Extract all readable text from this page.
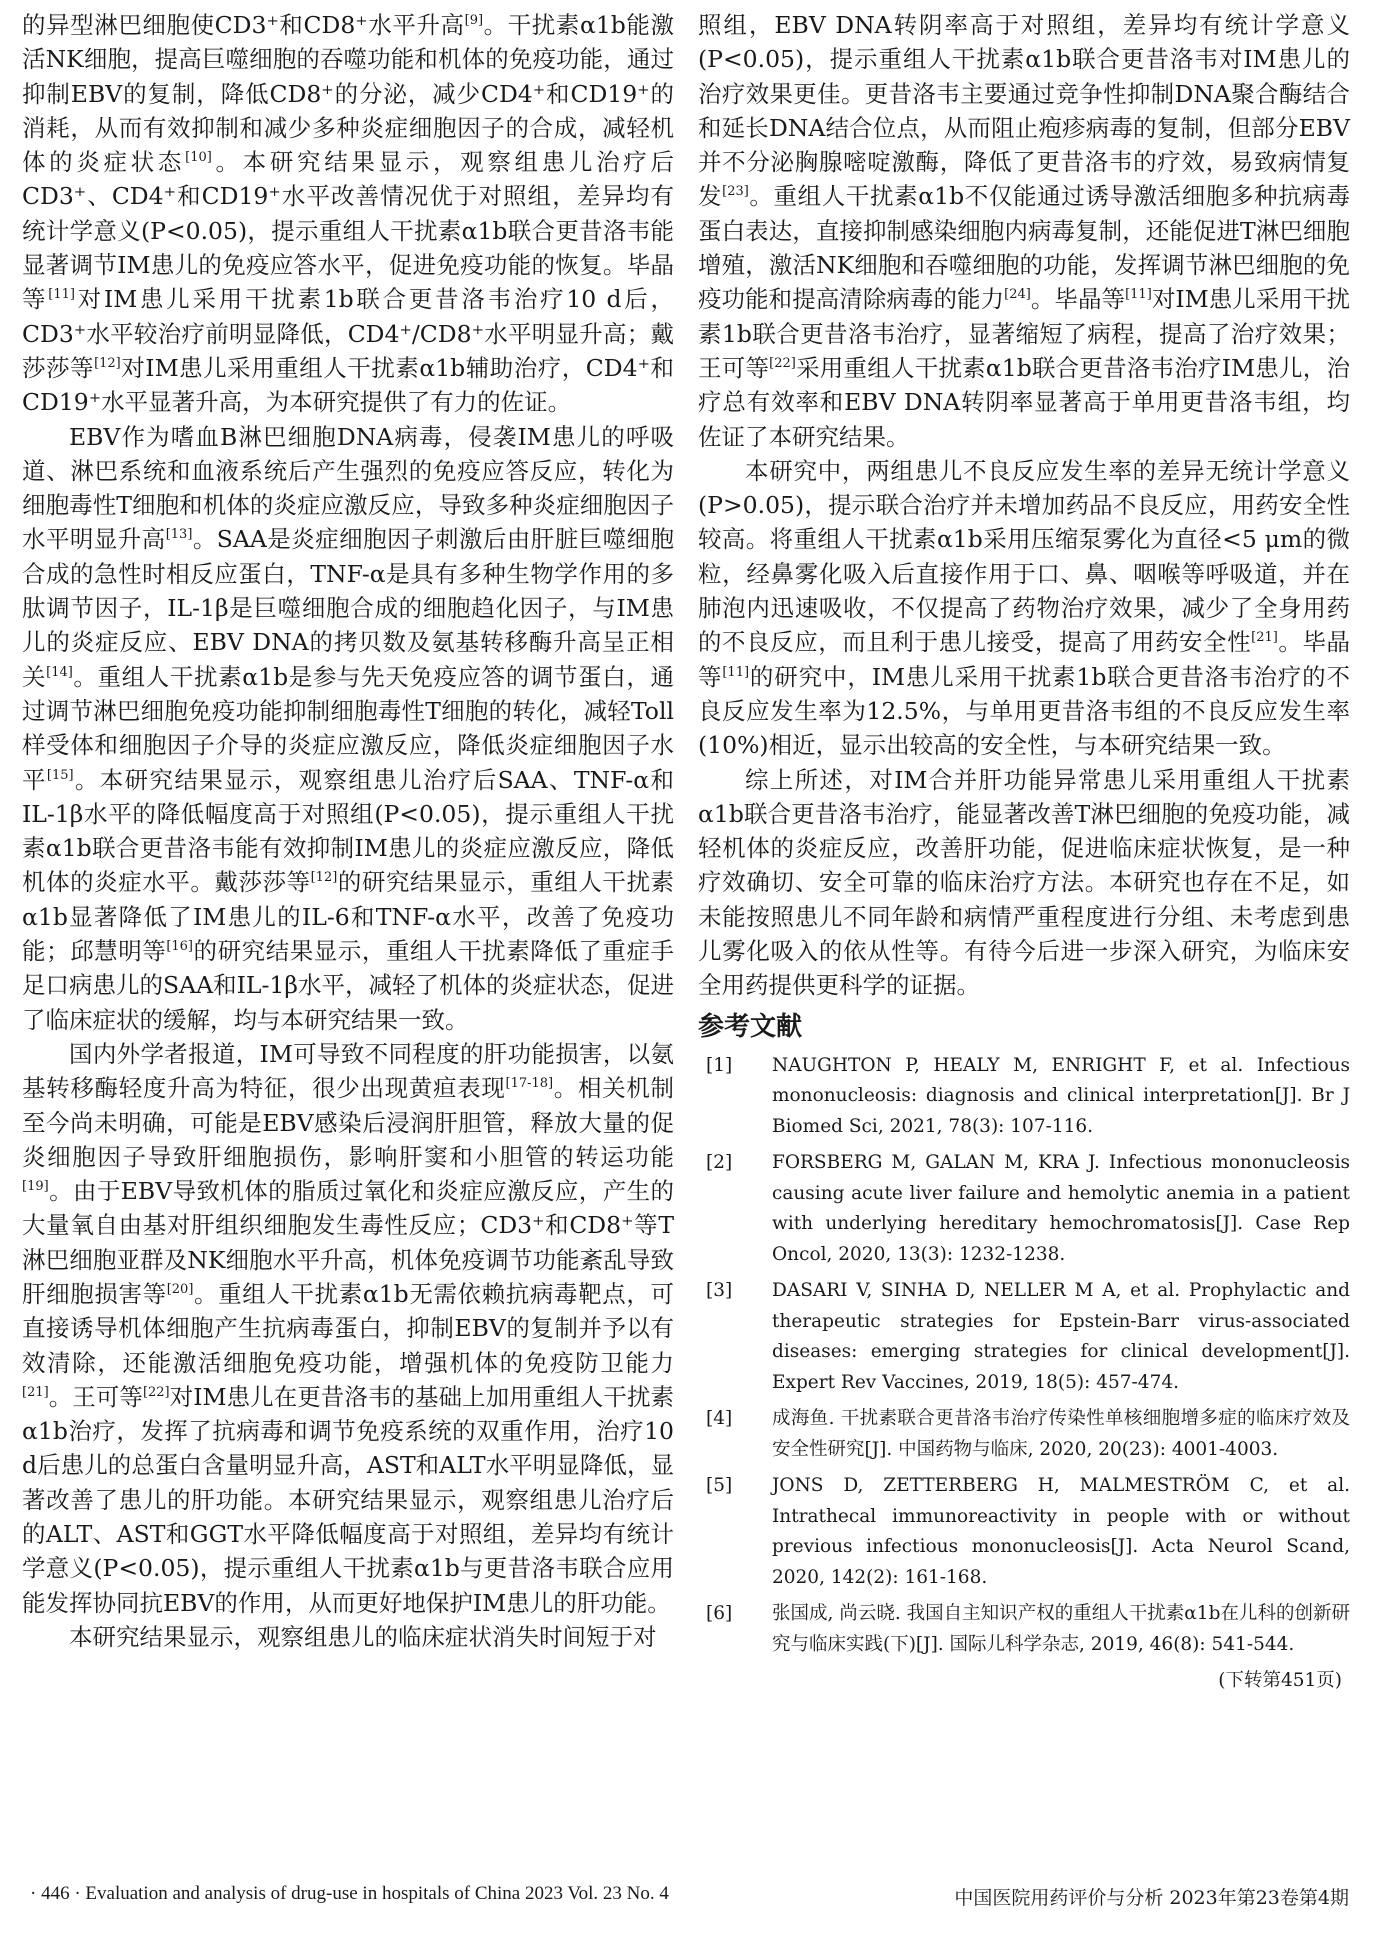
的异型淋巴细胞使CD3⁺和CD8⁺水平升高[9]。干扰素α1b能激活NK细胞，提高巨噬细胞的吞噬功能和机体的免疫功能，通过抑制EBV的复制，降低CD8⁺的分泌，减少CD4⁺和CD19⁺的消耗，从而有效抑制和减少多种炎症细胞因子的合成，减轻机体的炎症状态[10]。本研究结果显示，观察组患儿治疗后CD3⁺、CD4⁺和CD19⁺水平改善情况优于对照组，差异均有统计学意义(P<0.05)，提示重组人干扰素α1b联合更昔洛韦能显著调节IM患儿的免疫应答水平，促进免疫功能的恢复。毕晶等[11]对IM患儿采用干扰素1b联合更昔洛韦治疗10 d后，CD3⁺水平较治疗前明显降低，CD4⁺/CD8⁺水平明显升高；戴莎莎等[12]对IM患儿采用重组人干扰素α1b辅助治疗，CD4⁺和CD19⁺水平显著升高，为本研究提供了有力的佐证。

EBV作为嗜血B淋巴细胞DNA病毒，侵袭IM患儿的呼吸道、淋巴系统和血液系统后产生强烈的免疫应答反应，转化为细胞毒性T细胞和机体的炎症应激反应，导致多种炎症细胞因子水平明显升高[13]。SAA是炎症细胞因子刺激后由肝脏巨噬细胞合成的急性时相反应蛋白，TNF-α是具有多种生物学作用的多肽调节因子，IL-1β是巨噬细胞合成的细胞趋化因子，与IM患儿的炎症反应、EBV DNA的拷贝数及氨基转移酶升高呈正相关[14]。重组人干扰素α1b是参与先天免疫应答的调节蛋白，通过调节淋巴细胞免疫功能抑制细胞毒性T细胞的转化，减轻Toll样受体和细胞因子介导的炎症应激反应，降低炎症细胞因子水平[15]。本研究结果显示，观察组患儿治疗后SAA、TNF-α和IL-1β水平的降低幅度高于对照组(P<0.05)，提示重组人干扰素α1b联合更昔洛韦能有效抑制IM患儿的炎症应激反应，降低机体的炎症水平。戴莎莎等[12]的研究结果显示，重组人干扰素α1b显著降低了IM患儿的IL-6和TNF-α水平，改善了免疫功能；邱慧明等[16]的研究结果显示，重组人干扰素降低了重症手足口病患儿的SAA和IL-1β水平，减轻了机体的炎症状态，促进了临床症状的缓解，均与本研究结果一致。

国内外学者报道，IM可导致不同程度的肝功能损害，以氨基转移酶轻度升高为特征，很少出现黄疸表现[17-18]。相关机制至今尚未明确，可能是EBV感染后浸润肝胆管，释放大量的促炎细胞因子导致肝细胞损伤，影响肝窦和小胆管的转运功能[19]。由于EBV导致机体的脂质过氧化和炎症应激反应，产生的大量氧自由基对肝组织细胞发生毒性反应；CD3⁺和CD8⁺等T淋巴细胞亚群及NK细胞水平升高，机体免疫调节功能紊乱导致肝细胞损害等[20]。重组人干扰素α1b无需依赖抗病毒靶点，可直接诱导机体细胞产生抗病毒蛋白，抑制EBV的复制并予以有效清除，还能激活细胞免疫功能，增强机体的免疫防卫能力[21]。王可等[22]对IM患儿在更昔洛韦的基础上加用重组人干扰素α1b治疗，发挥了抗病毒和调节免疫系统的双重作用，治疗10 d后患儿的总蛋白含量明显升高，AST和ALT水平明显降低，显著改善了患儿的肝功能。本研究结果显示，观察组患儿治疗后的ALT、AST和GGT水平降低幅度高于对照组，差异均有统计学意义(P<0.05)，提示重组人干扰素α1b与更昔洛韦联合应用能发挥协同抗EBV的作用，从而更好地保护IM患儿的肝功能。

本研究结果显示，观察组患儿的临床症状消失时间短于对

照组，EBV DNA转阴率高于对照组，差异均有统计学意义(P<0.05)，提示重组人干扰素α1b联合更昔洛韦对IM患儿的治疗效果更佳。更昔洛韦主要通过竞争性抑制DNA聚合酶结合和延长DNA结合位点，从而阻止疱疹病毒的复制，但部分EBV并不分泌胸腺嘧啶激酶，降低了更昔洛韦的疗效，易致病情复发[23]。重组人干扰素α1b不仅能通过诱导激活细胞多种抗病毒蛋白表达，直接抑制感染细胞内病毒复制，还能促进T淋巴细胞增殖，激活NK细胞和吞噬细胞的功能，发挥调节淋巴细胞的免疫功能和提高清除病毒的能力[24]。毕晶等[11]对IM患儿采用干扰素1b联合更昔洛韦治疗，显著缩短了病程，提高了治疗效果；王可等[22]采用重组人干扰素α1b联合更昔洛韦治疗IM患儿，治疗总有效率和EBV DNA转阴率显著高于单用更昔洛韦组，均佐证了本研究结果。

本研究中，两组患儿不良反应发生率的差异无统计学意义(P>0.05)，提示联合治疗并未增加药品不良反应，用药安全性较高。将重组人干扰素α1b采用压缩泵雾化为直径<5 μm的微粒，经鼻雾化吸入后直接作用于口、鼻、咽喉等呼吸道，并在肺泡内迅速吸收，不仅提高了药物治疗效果，减少了全身用药的不良反应，而且利于患儿接受，提高了用药安全性[21]。毕晶等[11]的研究中，IM患儿采用干扰素1b联合更昔洛韦治疗的不良反应发生率为12.5%，与单用更昔洛韦组的不良反应发生率(10%)相近，显示出较高的安全性，与本研究结果一致。

综上所述，对IM合并肝功能异常患儿采用重组人干扰素α1b联合更昔洛韦治疗，能显著改善T淋巴细胞的免疫功能，减轻机体的炎症反应，改善肝功能，促进临床症状恢复，是一种疗效确切、安全可靠的临床治疗方法。本研究也存在不足，如未能按照患儿不同年龄和病情严重程度进行分组、未考虑到患儿雾化吸入的依从性等。有待今后进一步深入研究，为临床安全用药提供更科学的证据。

参考文献
[1] NAUGHTON P, HEALY M, ENRIGHT F, et al. Infectious mononucleosis: diagnosis and clinical interpretation[J]. Br J Biomed Sci, 2021, 78(3): 107-116.
[2] FORSBERG M, GALAN M, KRA J. Infectious mononucleosis causing acute liver failure and hemolytic anemia in a patient with underlying hereditary hemochromatosis[J]. Case Rep Oncol, 2020, 13(3): 1232-1238.
[3] DASARI V, SINHA D, NELLER M A, et al. Prophylactic and therapeutic strategies for Epstein-Barr virus-associated diseases: emerging strategies for clinical development[J]. Expert Rev Vaccines, 2019, 18(5): 457-474.
[4] 成海鱼. 干扰素联合更昔洛韦治疗传染性单核细胞增多症的临床疗效及安全性研究[J]. 中国药物与临床, 2020, 20(23): 4001-4003.
[5] JONS D, ZETTERBERG H, MALMESTRÖM C, et al. Intrathecal immunoreactivity in people with or without previous infectious mononucleosis[J]. Acta Neurol Scand, 2020, 142(2): 161-168.
[6] 张国成, 尚云晓. 我国自主知识产权的重组人干扰素α1b在儿科的创新研究与临床实践(下)[J]. 国际儿科学杂志, 2019, 46(8): 541-544.
(下转第451页)
· 446 · Evaluation and analysis of drug-use in hospitals of China 2023 Vol. 23 No. 4	中国医院用药评价与分析 2023年第23卷第4期
